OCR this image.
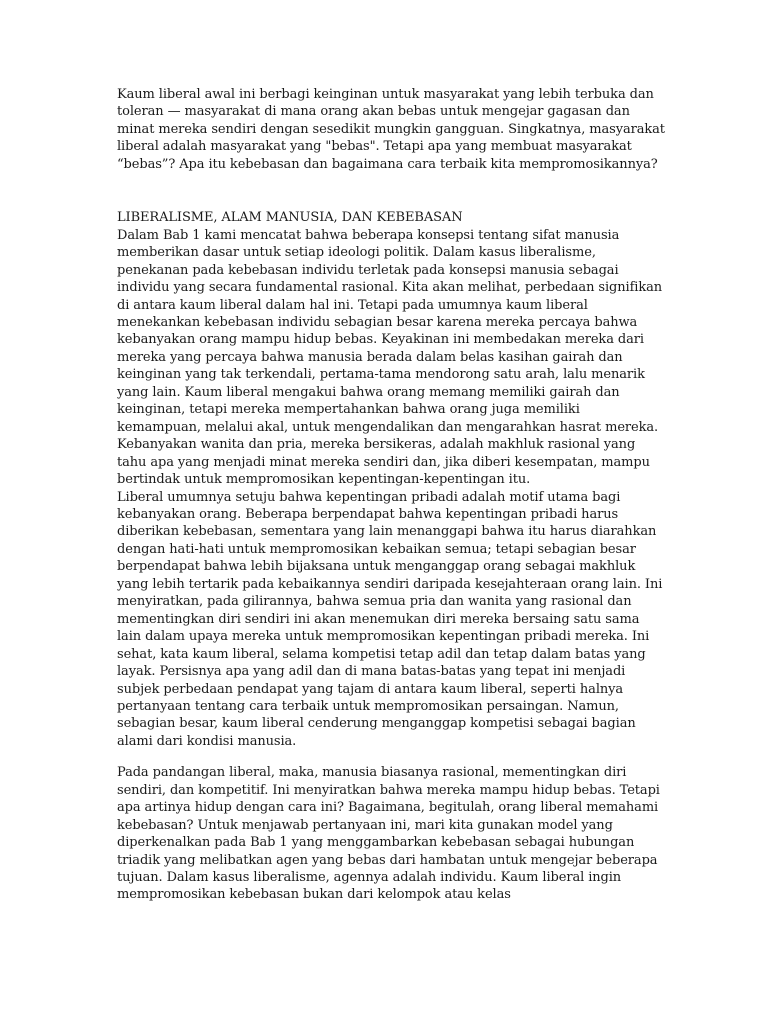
Kaum liberal awal ini berbagi keinginan untuk masyarakat yang lebih terbuka dan toleran — masyarakat di mana orang akan bebas untuk mengejar gagasan dan minat mereka sendiri dengan sesedikit mungkin gangguan. Singkatnya, masyarakat liberal adalah masyarakat yang "bebas". Tetapi apa yang membuat masyarakat “bebas”? Apa itu kebebasan dan bagaimana cara terbaik kita mempromosikannya?

LIBERALISME, ALAM MANUSIA, DAN KEBEBASAN

Dalam Bab 1 kami mencatat bahwa beberapa konsepsi tentang sifat manusia memberikan dasar untuk setiap ideologi politik. Dalam kasus liberalisme, penekanan pada kebebasan individu terletak pada konsepsi manusia sebagai individu yang secara fundamental rasional. Kita akan melihat, perbedaan signifikan di antara kaum liberal dalam hal ini. Tetapi pada umumnya kaum liberal menekankan kebebasan individu sebagian besar karena mereka percaya bahwa kebanyakan orang mampu hidup bebas. Keyakinan ini membedakan mereka dari mereka yang percaya bahwa manusia berada dalam belas kasihan gairah dan keinginan yang tak terkendali, pertama-tama mendorong satu arah, lalu menarik yang lain. Kaum liberal mengakui bahwa orang memang memiliki gairah dan keinginan, tetapi mereka mempertahankan bahwa orang juga memiliki kemampuan, melalui akal, untuk mengendalikan dan mengarahkan hasrat mereka. Kebanyakan wanita dan pria, mereka bersikeras, adalah makhluk rasional yang tahu apa yang menjadi minat mereka sendiri dan, jika diberi kesempatan, mampu bertindak untuk mempromosikan kepentingan-kepentingan itu.

Liberal umumnya setuju bahwa kepentingan pribadi adalah motif utama bagi kebanyakan orang. Beberapa berpendapat bahwa kepentingan pribadi harus diberikan kebebasan, sementara yang lain menanggapi bahwa itu harus diarahkan dengan hati-hati untuk mempromosikan kebaikan semua; tetapi sebagian besar berpendapat bahwa lebih bijaksana untuk menganggap orang sebagai makhluk yang lebih tertarik pada kebaikannya sendiri daripada kesejahteraan orang lain. Ini menyiratkan, pada gilirannya, bahwa semua pria dan wanita yang rasional dan mementingkan diri sendiri ini akan menemukan diri mereka bersaing satu sama lain dalam upaya mereka untuk mempromosikan kepentingan pribadi mereka. Ini sehat, kata kaum liberal, selama kompetisi tetap adil dan tetap dalam batas yang layak. Persisnya apa yang adil dan di mana batas-batas yang tepat ini menjadi subjek perbedaan pendapat yang tajam di antara kaum liberal, seperti halnya pertanyaan tentang cara terbaik untuk mempromosikan persaingan. Namun, sebagian besar, kaum liberal cenderung menganggap kompetisi sebagai bagian alami dari kondisi manusia.

Pada pandangan liberal, maka, manusia biasanya rasional, mementingkan diri sendiri, dan kompetitif. Ini menyiratkan bahwa mereka mampu hidup bebas. Tetapi apa artinya hidup dengan cara ini? Bagaimana, begitulah, orang liberal memahami kebebasan? Untuk menjawab pertanyaan ini, mari kita gunakan model yang diperkenalkan pada Bab 1 yang menggambarkan kebebasan sebagai hubungan triadik yang melibatkan agen yang bebas dari hambatan untuk mengejar beberapa tujuan. Dalam kasus liberalisme, agennya adalah individu. Kaum liberal ingin mempromosikan kebebasan bukan dari kelompok atau kelas
